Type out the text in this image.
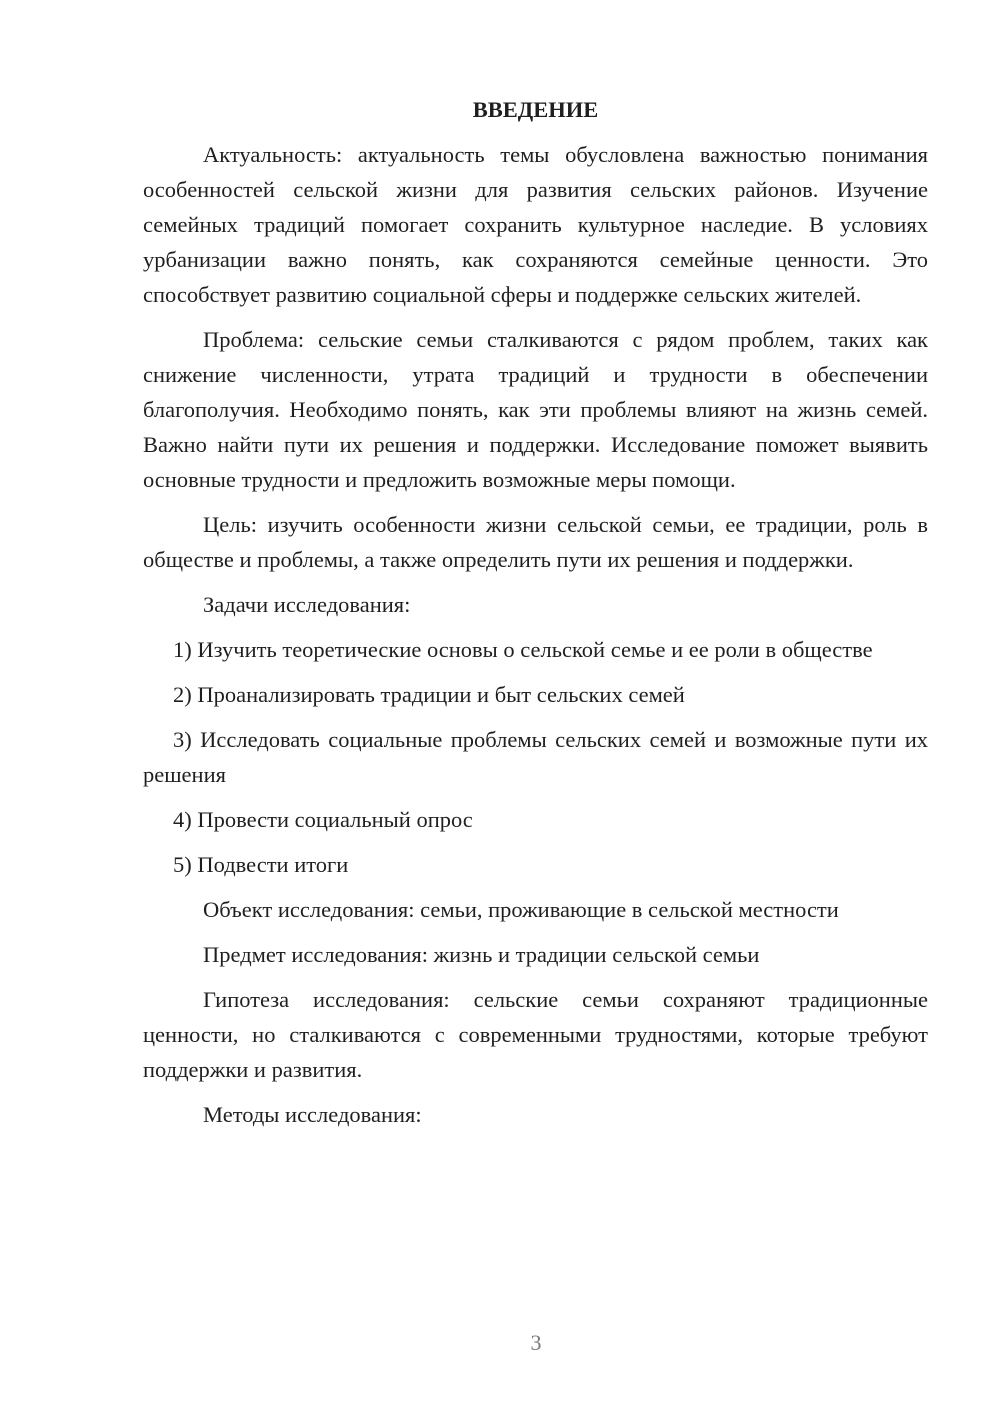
ВВЕДЕНИЕ
Актуальность: актуальность темы обусловлена важностью понимания особенностей сельской жизни для развития сельских районов. Изучение семейных традиций помогает сохранить культурное наследие. В условиях урбанизации важно понять, как сохраняются семейные ценности. Это способствует развитию социальной сферы и поддержке сельских жителей.
Проблема: сельские семьи сталкиваются с рядом проблем, таких как снижение численности, утрата традиций и трудности в обеспечении благополучия. Необходимо понять, как эти проблемы влияют на жизнь семей. Важно найти пути их решения и поддержки. Исследование поможет выявить основные трудности и предложить возможные меры помощи.
Цель: изучить особенности жизни сельской семьи, ее традиции, роль в обществе и проблемы, а также определить пути их решения и поддержки.
Задачи исследования:
1) Изучить теоретические основы о сельской семье и ее роли в обществе
2) Проанализировать традиции и быт сельских семей
3) Исследовать социальные проблемы сельских семей и возможные пути их решения
4) Провести социальный опрос
5) Подвести итоги
Объект исследования: семьи, проживающие в сельской местности
Предмет исследования: жизнь и традиции сельской семьи
Гипотеза исследования: сельские семьи сохраняют традиционные ценности, но сталкиваются с современными трудностями, которые требуют поддержки и развития.
Методы исследования:
3
